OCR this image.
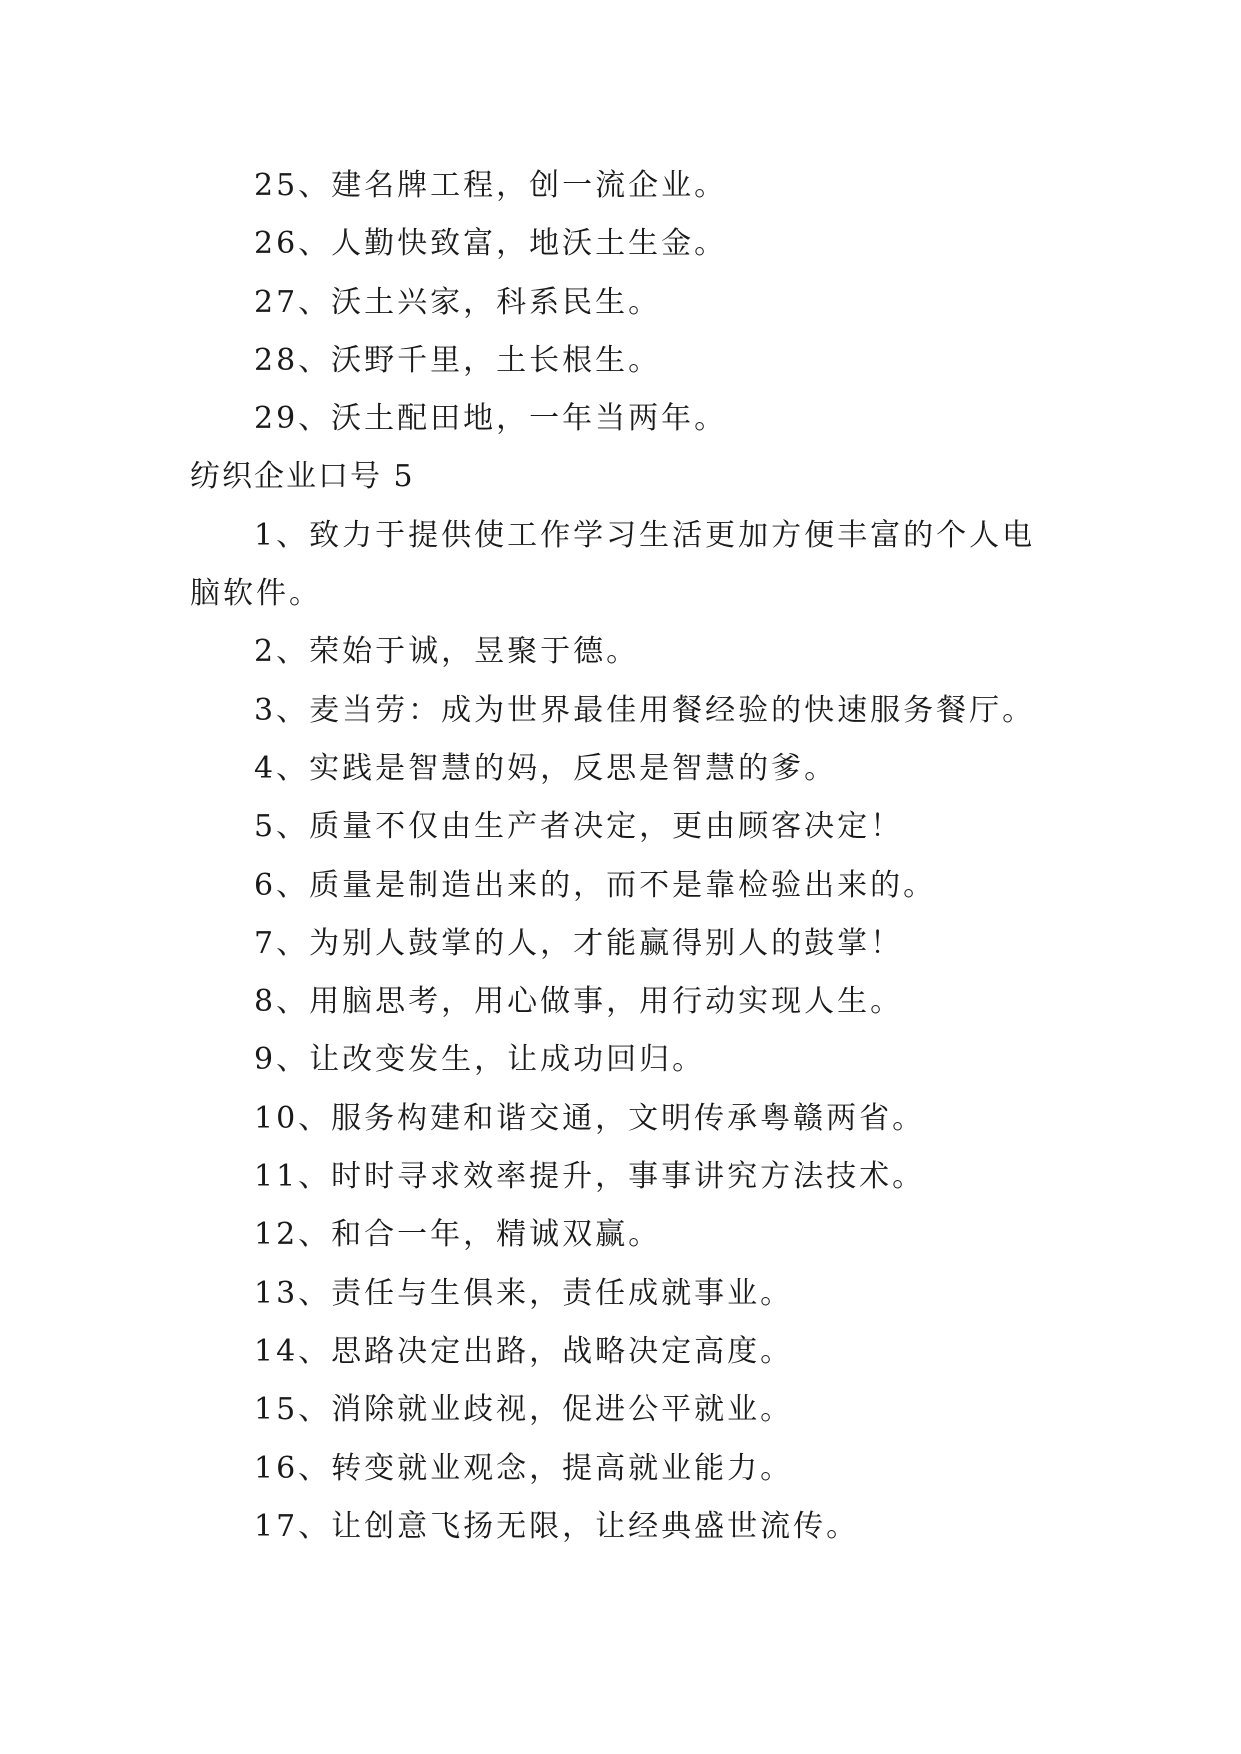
25、建名牌工程，创一流企业。
26、人勤快致富，地沃土生金。
27、沃土兴家，科系民生。
28、沃野千里，土长根生。
29、沃土配田地，一年当两年。
纺织企业口号 5
1、致力于提供使工作学习生活更加方便丰富的个人电
脑软件。
2、荣始于诚，昱聚于德。
3、麦当劳：成为世界最佳用餐经验的快速服务餐厅。
4、实践是智慧的妈，反思是智慧的爹。
5、质量不仅由生产者决定，更由顾客决定！
6、质量是制造出来的，而不是靠检验出来的。
7、为别人鼓掌的人，才能赢得别人的鼓掌！
8、用脑思考，用心做事，用行动实现人生。
9、让改变发生，让成功回归。
10、服务构建和谐交通，文明传承粤赣两省。
11、时时寻求效率提升，事事讲究方法技术。
12、和合一年，精诚双赢。
13、责任与生俱来，责任成就事业。
14、思路决定出路，战略决定高度。
15、消除就业歧视，促进公平就业。
16、转变就业观念，提高就业能力。
17、让创意飞扬无限，让经典盛世流传。
